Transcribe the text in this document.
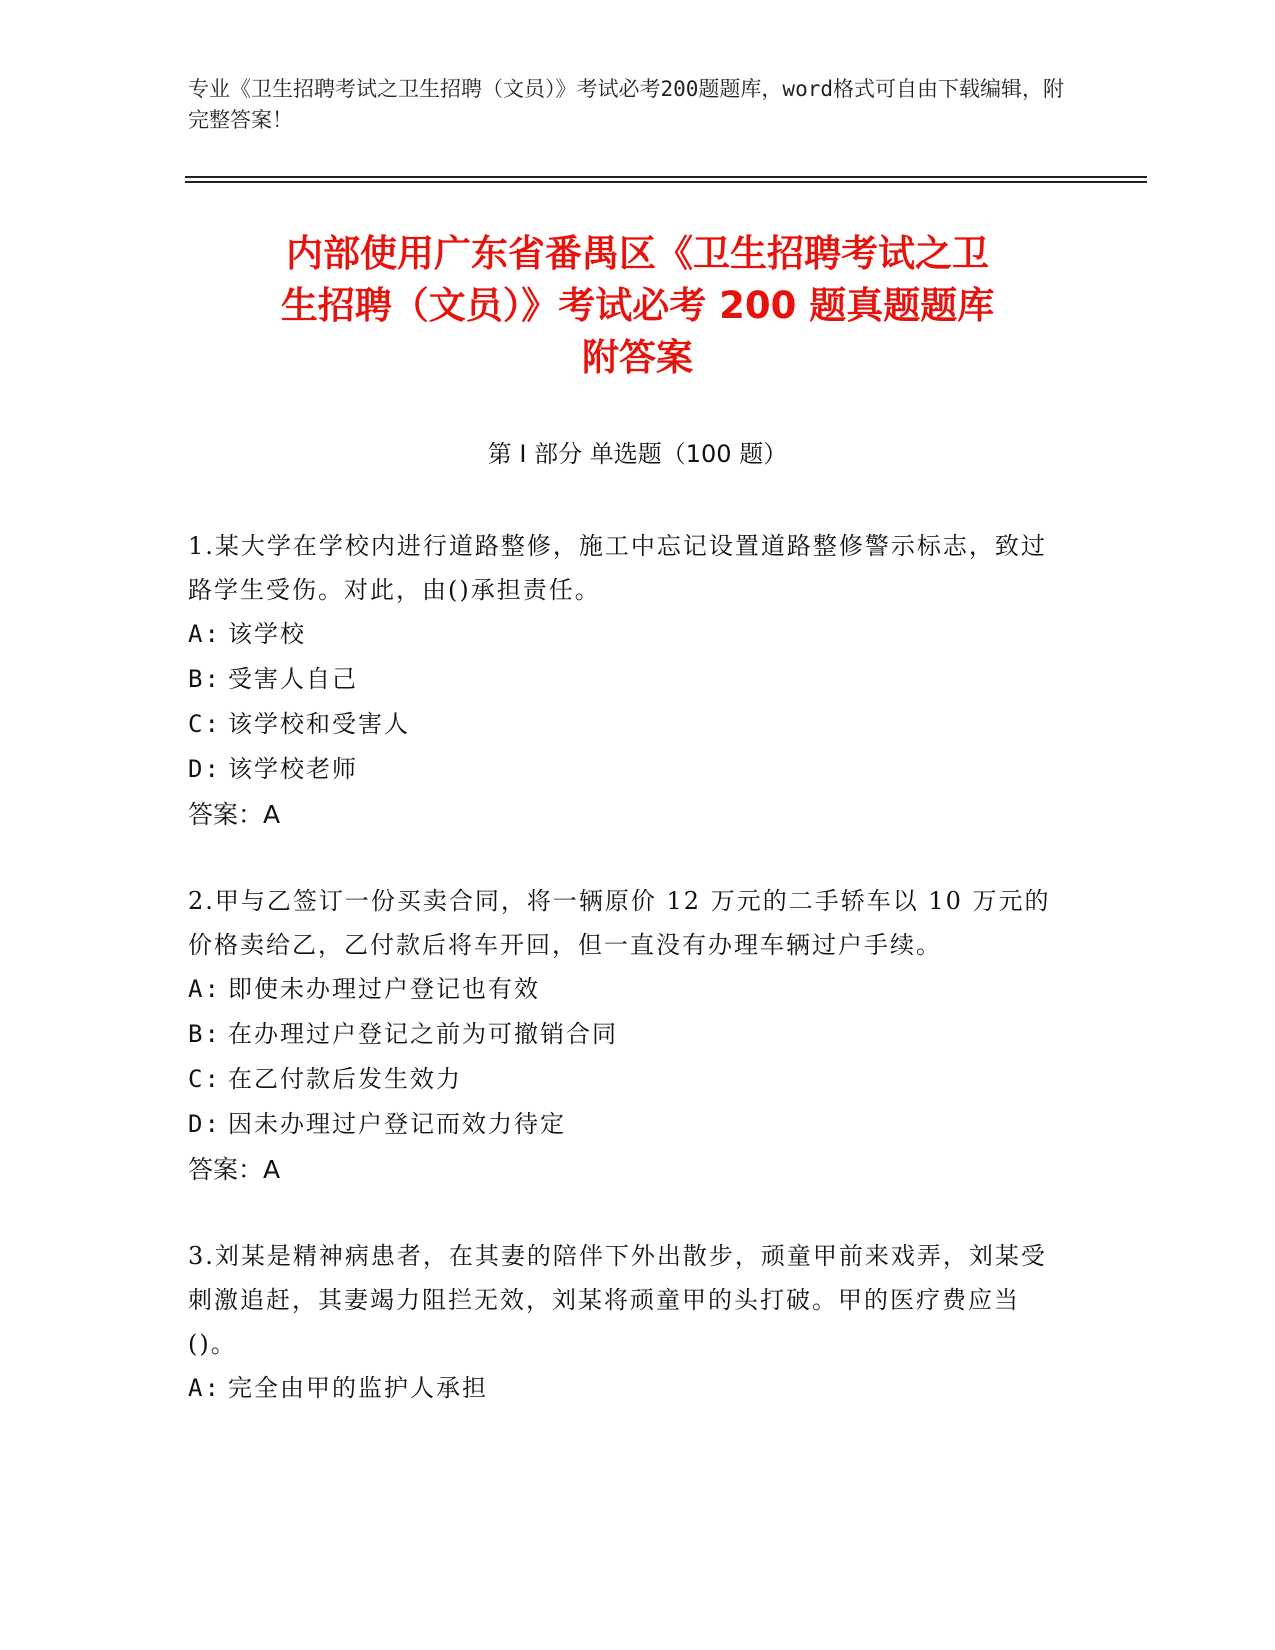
专业《卫生招聘考试之卫生招聘（文员）》考试必考200题题库，word格式可自由下载编辑，附完整答案！
内部使用广东省番禺区《卫生招聘考试之卫
生招聘（文员）》考试必考 200 题真题题库
附答案
第 I 部分 单选题（100 题）
1.某大学在学校内进行道路整修，施工中忘记设置道路整修警示标志，致过路学生受伤。对此，由()承担责任。
A: 该学校
B: 受害人自己
C: 该学校和受害人
D: 该学校老师
答案：A
2.甲与乙签订一份买卖合同，将一辆原价 12 万元的二手轿车以 10 万元的价格卖给乙，乙付款后将车开回，但一直没有办理车辆过户手续。
A: 即使未办理过户登记也有效
B: 在办理过户登记之前为可撤销合同
C: 在乙付款后发生效力
D: 因未办理过户登记而效力待定
答案：A
3.刘某是精神病患者，在其妻的陪伴下外出散步，顽童甲前来戏弄，刘某受刺激追赶，其妻竭力阻拦无效，刘某将顽童甲的头打破。甲的医疗费应当()。
A: 完全由甲的监护人承担
